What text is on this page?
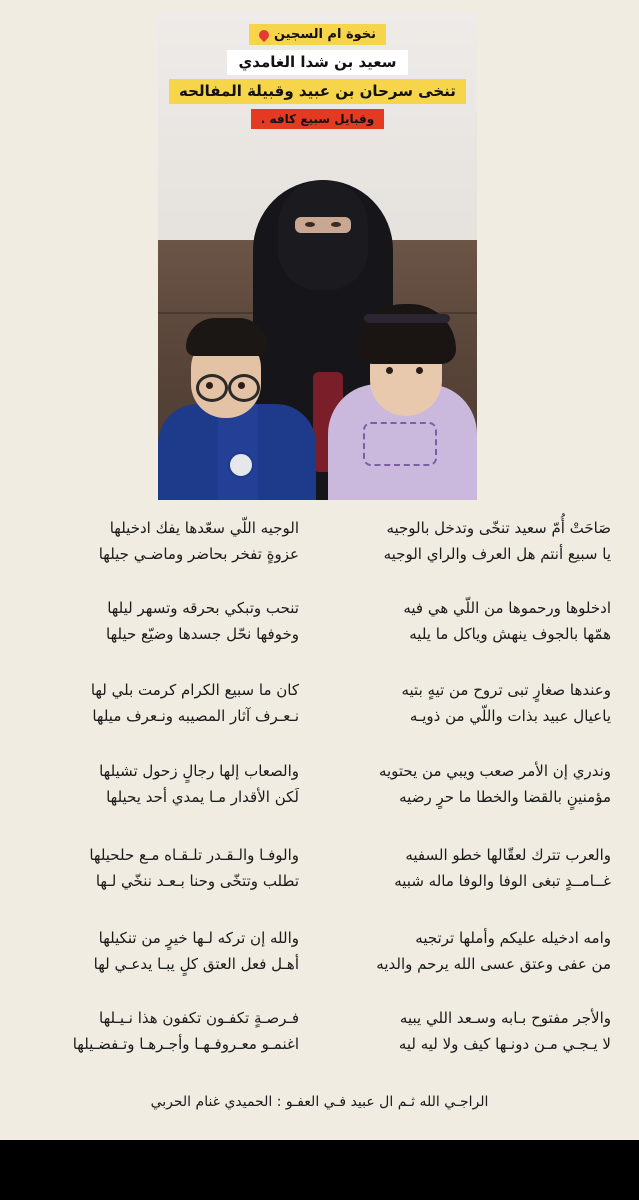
نخوة ام السجين
سعيد بن شدا الغامدي
تنخى سرحان بن عبيد وقبيلة المفالحه
وقبايل سبيع كافه .
صَاحَتْ أُمّ سعيد تنخّى وتدخل بالوجيه
يا سبيع أنتم هل العرف والراي الوجيه
الوجيه اللّي سعّدها يفك ادخيلها
عزوةٍ تفخر بحاضر وماضـي جيلها
ادخلوها ورحموها من اللّي هي فيه
همّها بالجوف ينهش وياكل ما يليه
تنحب وتبكي بحرقه وتسهر ليلها
وخوفها نحّل جسدها وضيّع حيلها
وعندها صغارٍ تبى تروح من تيهٍ بتيه
ياعيال عبيد بذات واللّي من ذويـه
كان ما سبيع الكرام كرمت بلي لها
نـعـرف آثار المصيبه ونـعرف ميلها
وندري إن الأمر صعب ويبي من يحتويه
مؤمنينٍ بالقضا والخطا ما حرٍ رضيه
والصعاب إلها رجالٍ زحول تشيلها
لَكن الأقدار مـا يمدي أحد يحيلها
والعرب تترك لعقّالها خطو السفيه
غــامــدٍ تبغى الوفا والوفا ماله شبيه
والوفـا والـقـدر تلـقـاه مـع حلحيلها
تطلب وتتخّى وحنا بـعـد ننخّي لـها
وامه ادخيله عليكم وأملها ترتجيه
من عفى وعتق عسى الله يرحم والديه
والله إن تركه لـها خيرٍ من تنكيلها
أهـل فعل العتق كلٍ يبـا يدعـي لها
والأجر مفتوح بـابه وسـعد اللي يبيه
لا يـجـي مـن دونـها كيف ولا ليه ليه
فـرصـةٍ تكفـون تكفون هذا نـيـلها
اغنمـو معـروفـهـا وأجـرهـا وتـفضـيلها
الراجـي الله ثـم ال عبيد فـي العفـو : الحميدي غنام الحربي
